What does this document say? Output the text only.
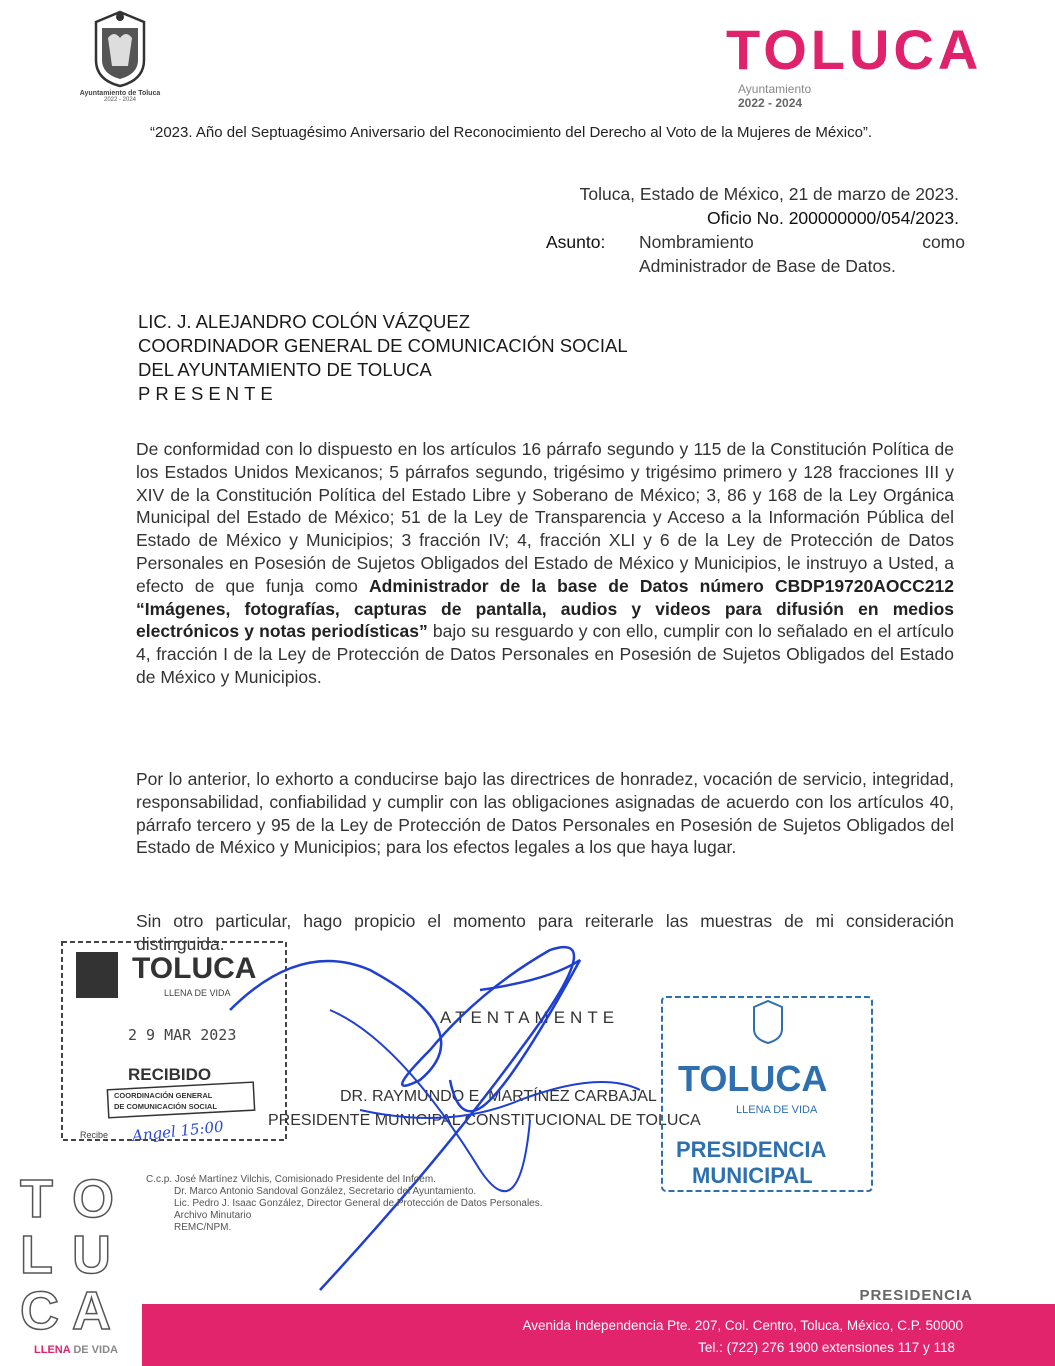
Ayuntamiento de Toluca
2022 - 2024
TOLUCA
Ayuntamiento
2022 - 2024
“2023. Año del Septuagésimo Aniversario del Reconocimiento del Derecho al Voto de la Mujeres de México”.
Toluca, Estado de México, 21 de marzo de 2023.
Oficio No. 200000000/054/2023.
Asunto: Nombramiento	como
Administrador de Base de Datos.
LIC. J. ALEJANDRO COLÓN VÁZQUEZ
COORDINADOR GENERAL DE COMUNICACIÓN SOCIAL
DEL AYUNTAMIENTO DE TOLUCA
PRESENTE
De conformidad con lo dispuesto en los artículos 16 párrafo segundo y 115 de la Constitución Política de los Estados Unidos Mexicanos; 5 párrafos segundo, trigésimo y trigésimo primero y 128 fracciones III y XIV de la Constitución Política del Estado Libre y Soberano de México; 3, 86 y 168 de la Ley Orgánica Municipal del Estado de México; 51 de la Ley de Transparencia y Acceso a la Información Pública del Estado de México y Municipios; 3 fracción IV; 4, fracción XLI y 6 de la Ley de Protección de Datos Personales en Posesión de Sujetos Obligados del Estado de México y Municipios, le instruyo a Usted, a efecto de que funja como Administrador de la base de Datos número CBDP19720AOCC212 “Imágenes, fotografías, capturas de pantalla, audios y videos para difusión en medios electrónicos y notas periodísticas” bajo su resguardo y con ello, cumplir con lo señalado en el artículo 4, fracción I de la Ley de Protección de Datos Personales en Posesión de Sujetos Obligados del Estado de México y Municipios.
Por lo anterior, lo exhorto a conducirse bajo las directrices de honradez, vocación de servicio, integridad, responsabilidad, confiabilidad y cumplir con las obligaciones asignadas de acuerdo con los artículos 40, párrafo tercero y 95 de la Ley de Protección de Datos Personales en Posesión de Sujetos Obligados del Estado de México y Municipios; para los efectos legales a los que haya lugar.
Sin otro particular, hago propicio el momento para reiterarle las muestras de mi consideración distinguida.
TOLUCA
LLENA DE VIDA
2 9 MAR 2023
RECIBIDO
COORDINACIÓN GENERAL
DE COMUNICACIÓN SOCIAL
Recibe Angel 15:00
ATENTAMENTE
DR. RAYMUNDO E. MARTÍNEZ CARBAJAL
PRESIDENTE MUNICIPAL CONSTITUCIONAL DE TOLUCA
TOLUCA
LLENA DE VIDA
PRESIDENCIA
MUNICIPAL
C.c.p. José Martínez Vilchis, Comisionado Presidente del Infoem.
Dr. Marco Antonio Sandoval González, Secretario del Ayuntamiento.
Lic. Pedro J. Isaac González, Director General de Protección de Datos Personales.
Archivo Minutario
REMC/NPM.
T O
L U
C A
LLENA DE VIDA
PRESIDENCIA
Avenida Independencia Pte. 207, Col. Centro, Toluca, México, C.P. 50000
Tel.: (722) 276 1900 extensiones 117 y 118
